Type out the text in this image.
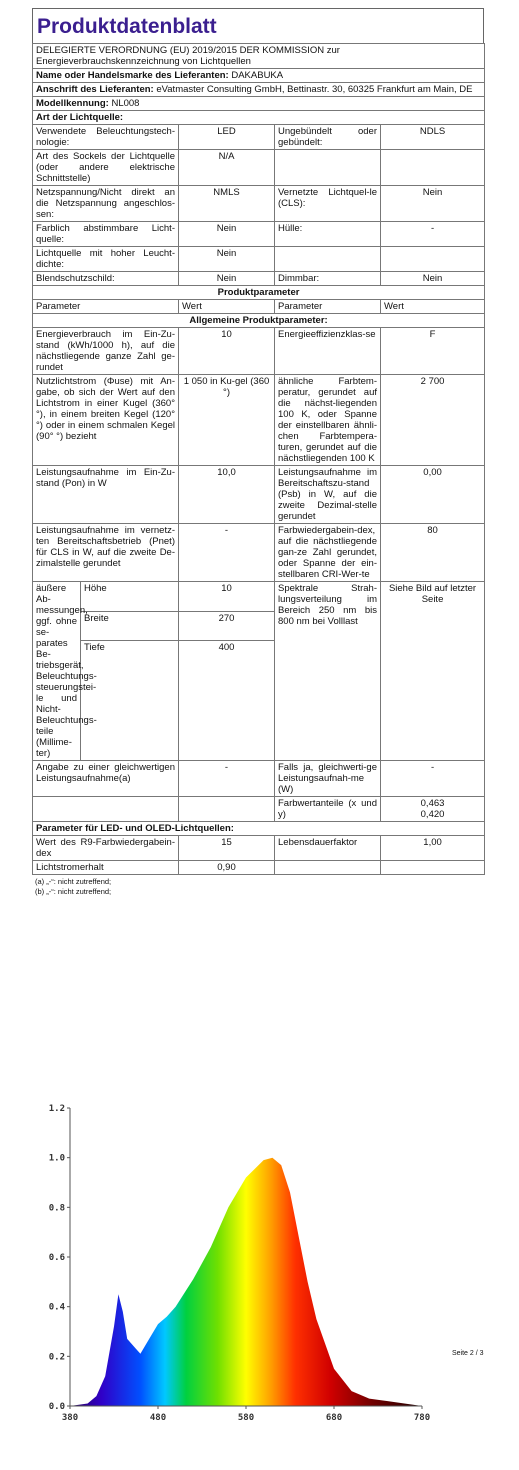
Produktdatenblatt
DELEGIERTE VERORDNUNG (EU) 2019/2015 DER KOMMISSION zur Energieverbrauchskennzeichnung von Lichtquellen				
Name oder Handelsmarke des Lieferanten: DAKABUKA				
Anschrift des Lieferanten: eVatmaster Consulting GmbH, Bettinastr. 30, 60325 Frankfurt am Main, DE				
Modellkennung: NL008				
Art der Lichtquelle:				
Verwendete Beleuchtungstech-nologie:		LED	Ungebündelt oder gebündelt:	NDLS
Art des Sockels der Lichtquelle (oder andere elektrische Schnittstelle)		N/A		
Netzspannung/Nicht direkt an die Netzspannung angeschlos-sen:		NMLS	Vernetzte Lichtquel-le (CLS):	Nein
Farblich abstimmbare Licht-quelle:		Nein	Hülle:	-
Lichtquelle mit hoher Leucht-dichte:		Nein		
Blendschutzschild:		Nein	Dimmbar:	Nein
Produktparameter				
Parameter		Wert	Parameter	Wert
Allgemeine Produktparameter:				
Energieverbrauch im Ein-Zu-stand (kWh/1000 h), auf die nächstliegende ganze Zahl ge-rundet		10	Energieeffizienzklas-se	F
Nutzlichtstrom (Φuse) mit An-gabe, ob sich der Wert auf den Lichtstrom in einer Kugel (360° °), in einem breiten Kegel (120° °) oder in einem schmalen Kegel (90° °) bezieht		1 050 in Ku-gel (360 °)	ähnliche Farbtem-peratur, gerundet auf die nächst-liegenden 100 K, oder Spanne der einstellbaren ähnli-chen Farbtempera-turen, gerundet auf die nächstliegenden 100 K	2 700
Leistungsaufnahme im Ein-Zu-stand (Pon) in W		10,0	Leistungsaufnahme im Bereitschaftszu-stand (Psb) in W, auf die zweite Dezimal-stelle gerundet	0,00
Leistungsaufnahme im vernetz-ten Bereitschaftsbetrieb (Pnet) für CLS in W, auf die zweite De-zimalstelle gerundet		-	Farbwiedergabein-dex, auf die nächstliegende gan-ze Zahl gerundet, oder Spanne der ein-stellbaren CRI-Wer-te	80
äußere Ab-messungen, ggf. ohne se-parates Be-triebsgerät, Beleuchtungs-steuerungstei-le und Nicht-Beleuchtungs-teile (Millime-ter)	Höhe	10	Spektrale Strah-lungsverteilung im Bereich 250 nm bis 800 nm bei Volllast	Siehe Bild auf letzter Seite
	Breite	270		
	Tiefe	400		
Angabe zu einer gleichwertigen Leistungsaufnahme(a)		-	Falls ja, gleichwerti-ge Leistungsaufnah-me (W)	-
			Farbwertanteile (x und y)	0,463
0,420
Parameter für LED- und OLED-Lichtquellen:				
Wert des R9-Farbwiedergabein-dex		15	Lebensdauerfaktor	1,00
Lichtstromerhalt		0,90		
(a) „-“: nicht zutreffend;
(b) „-“: nicht zutreffend;
0.0
0.2
0.4
0.6
0.8
1.0
1.2
380	480	580	680	780
Seite 2 / 3
